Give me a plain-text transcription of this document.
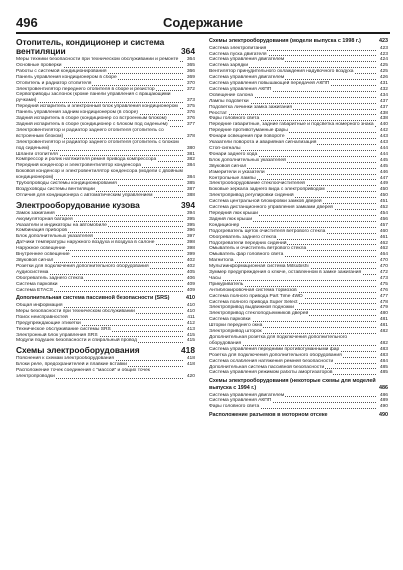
496	Содержание
Отопитель, кондиционер и система вентиляции	364
Меры техники безопасности при техническом обслуживании и ремонте	364
Основные проверки	365
Работы с системой кондиционирования	366
Панель управления кондиционером в сборе	369
Отопитель и радиатор отопителя	370
Электровентилятор переднего отопителя в сборе и резистор	372
Сервоприводы заслонок (кроме панели управления с вращающими ручками)	373
Передний испаритель и электронный блок управления кондиционером	375
Панель управления задним кондиционером (в сборе)	376
Задний испаритель в сборе (кондиционер со встроенным блоком)	376
Задний испаритель в сборе (кондиционер с блоком под сиденьем)	377
Электровентилятор и радиатор заднего отопителя (отопитель со встроенным блоком)	378
Электровентилятор и радиатор заднего отопителя (отопитель с блоком под сиденьем)	380
Шланги отопителя	381
Компрессор и ролик натяжителя ремня привода компрессора	382
Передний конденсор и электровентилятор конденсора	384
Боковой конденсор и электровентилятор конденсора (модели с двойным кондиционером)	384
Трубопроводы системы кондиционирования	385
Воздуховоды системы вентиляции	387
Отличия для кондиционера с автоматическим управлением	388
Электрооборудование кузова	394
Замок зажигания	394
Аккумуляторная батарея	395
Указатели и индикаторы на автомобиле	395
Комбинация приборов	396
Блок дополнительных указателей	397
Датчики температуры наружного воздуха и воздуха в салоне	398
Наружное освещение	398
Внутреннее освещение	399
Звуковой сигнал	402
Розетки для подключения дополнительного оборудования	402
Аудиосистема	405
Обогреватель заднего стекла	406
Система парковки	409
Система ETACS	409
Дополнительная система пассивной безопасности (SRS)	410
Общая информация	410
Меры безопасности при техническом обслуживании	410
Поиск неисправностей	411
Предупреждающие этикетки	412
Техническое обслуживание системы SRS	413
Электронный блок управления SRS	415
Модули подушек безопасности и спиральный провод	415
Схемы электрооборудования	418
Пояснения к схемам электрооборудования	418
Блоки реле, предохранителей и плавкие вставки	418
Расположение точек соединения с "массой" и общих точек электропроводки	420
Схемы электрооборудования (модели выпуска с 1998 г.)	423
Система электропитания	423
Система пуска двигателя	423
Система управления двигателем	424
Система зарядки	425
Вентилятор принудительного охлаждения надувочного воздуха	425
Система управления двигателем	426
Система управления повышающей передачей АКПП	431
Система управления АКПП	432
Освещение салона	434
Лампы подсветки	437
Подсветка личинки замка зажигания	437
Реостат	438
Фары головного света	438
Передние габаритные, задние габаритные и подсветка номерного знака	440
Передние противотуманные фары	442
Фонари освещения при повороте	443
Указатели поворота и аварийная сигнализация	443
Стоп-сигналы	444
Фонари заднего хода	444
Блок дополнительных указателей	445
Звуковой сигнал	445
Измерители и указатели	446
Контрольные лампы	447
Электрооборудование стеклоочистителей	449
Боковые зеркала заднего вида с электроприводом	450
Электропривод регулировки сидений	450
Система центральной блокировки замков дверей	451
Система дистанционного управления замками дверей	452
Передний люк крыши	454
Задний люк крыши	456
Кондиционер	457
Подогреватель щеток очистителя ветрового стекла	460
Обогреватель заднего стекла	461
Подогреватели передних сидений	462
Омыватель и очиститель ветрового стекла	462
Омыватель фар головного света	464
Магнитола	470
Мультиинформационная система Mitsubishi	470
Зуммер предупреждения о ключе, оставленном в замке зажигания	472
Часы	473
Прикуриватель	475
Антиблокировочная система тормозов	476
Система полного привода Part Time 4WD	477
Система полного привода Super Select	478
Электропривод выдвижной подножки	479
Электропривод стеклоподъемников дверей	480
Система парковки	481
Шторки переднего окна	481
Электропривод шторок	482
Дополнительная розетка для подключения дополнительного оборудования	482
Система управления передними противотуманными фар	483
Розетка для подключения дополнительного оборудования	483
Система ослабления натяжения ремней безопасности	484
Дополнительная система пассивной безопасности	485
Система управления режимом работы амортизаторов	485
Схемы электрооборудования (некоторые схемы для моделей выпуска с 1994 г.)	486
Система управления двигателем	486
Система управления АКПП	489
Фары головного света	490
Расположение разъемов в моторном отсеке	490
